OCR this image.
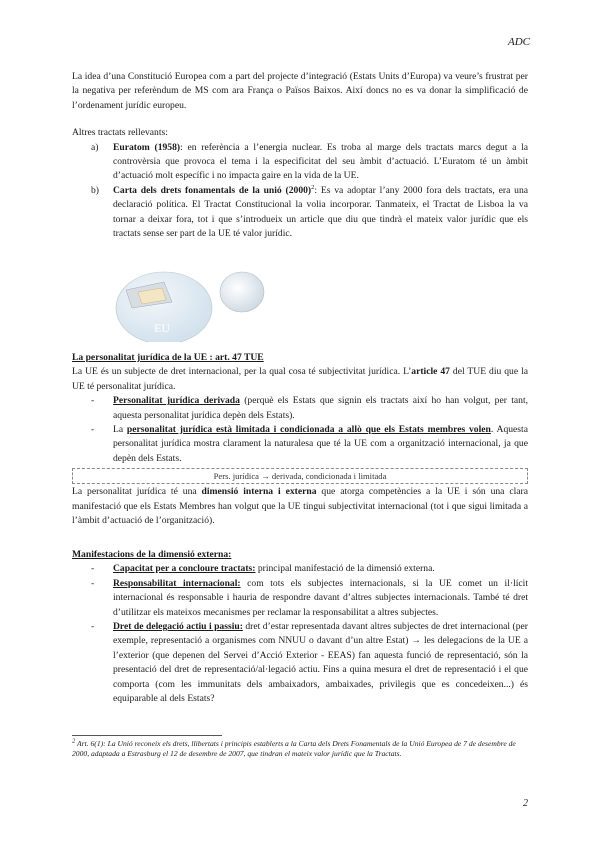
ADC

La idea d’una Constitució Europea com a part del projecte d’integració (Estats Units d’Europa) va veure’s frustrat per la negativa per referèndum de MS com ara França o Països Baixos. Així doncs no es va donar la simplificació de l’ordenament jurídic europeu.

Altres tractats rellevants:

a) Euratom (1958): en referència a l’energia nuclear. Es troba al marge dels tractats marcs degut a la controvèrsia que provoca el tema i la especificitat del seu àmbit d’actuació. L’Euratom té un àmbit d’actuació molt específic i no impacta gaire en la vida de la UE.
b) Carta dels drets fonamentals de la unió $(2000)^2$: Es va adoptar l’any 2000 fora dels tractats, era una declaració política. El Tractat Constitucional la volia incorporar. Tanmateix, el Tractat de Lisboa la va tornar a deixar fora, tot i que s’introdueix un article que diu que tindrà el mateix valor jurídic que els tractats sense ser part de la UE té valor jurídic.
EU

La personalitat jurídica de la UE : art. 47 TUE

La UE és un subjecte de dret internacional, per la qual cosa té subjectivitat jurídica. L’article 47 del TUE diu que la UE té personalitat jurídica.

- Personalitat jurídica derivada (perquè els Estats que signin els tractats així ho han volgut, per tant, aquesta personalitat jurídica depèn dels Estats).
- La personalitat jurídica està limitada i condicionada a allò que els Estats membres volen. Aquesta personalitat jurídica mostra clarament la naturalesa que té la UE com a organització internacional, ja que depèn dels Estats.
Pers. jurídica → derivada, condicionada i limitada

La personalitat jurídica té una dimensió interna i externa que atorga competències a la UE i són una clara manifestació que els Estats Membres han volgut que la UE tingui subjectivitat internacional (tot i que sigui limitada a l’àmbit d’actuació de l’organització).

Manifestacions de la dimensió externa:

- Capacitat per a concloure tractats: principal manifestació de la dimensió externa.
- Responsabilitat internacional: com tots els subjectes internacionals, si la UE comet un il·lícit internacional és responsable i hauria de respondre davant d’altres subjectes internacionals. També té dret d’utilitzar els mateixos mecanismes per reclamar la responsabilitat a altres subjectes.
- Dret de delegació actiu i passiu: dret d’estar representada davant altres subjectes de dret internacional (per exemple, representació a organismes com NNUU o davant d’un altre Estat) → les delegacions de la UE a l’exterior (que depenen del Servei d’Acció Exterior - EEAS) fan aquesta funció de representació, són la presentació del dret de representació/al·legació actiu. Fins a quina mesura el dret de representació i el que comporta (com les immunitats dels ambaixadors, ambaixades, privilegis que es concedeixen...) és equiparable al dels Estats?
$^2$ Art. 6(1): La Unió reconeix els drets, llibertats i principis establerts a la Carta dels Drets Fonamentals de la Unió Europea de 7 de desembre de 2000, adaptada a Estrasburg el 12 de desembre de 2007, que tindran el mateix valor jurídic que la Tractats.
2
